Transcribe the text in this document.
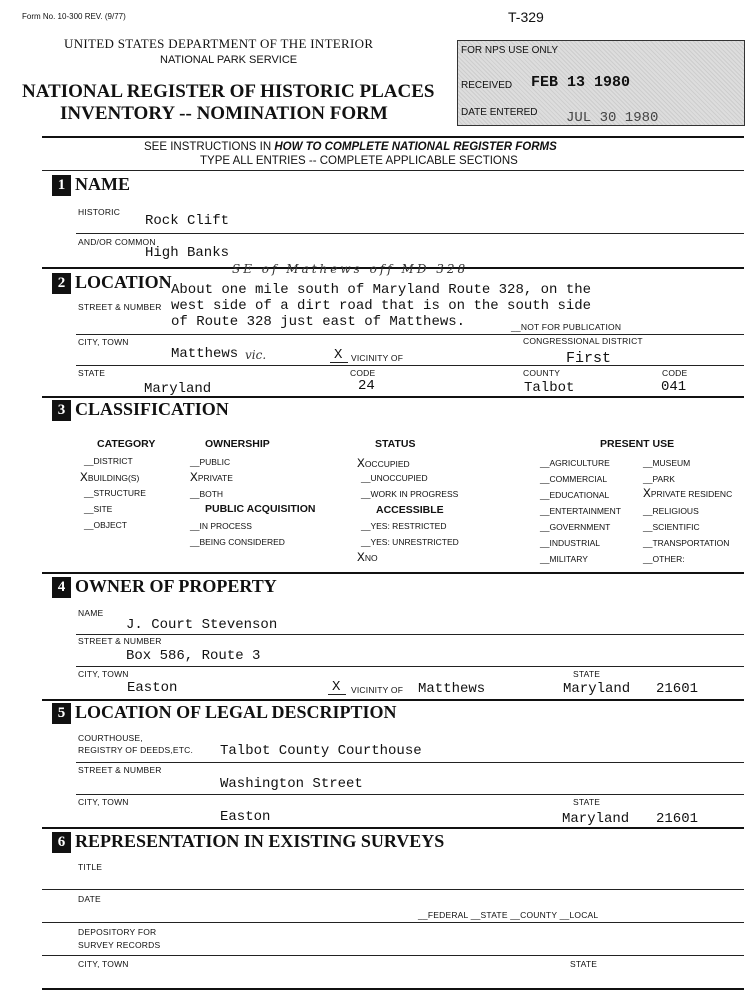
Form No. 10-300 REV. (9/77)	T-329
UNITED STATES DEPARTMENT OF THE INTERIOR
NATIONAL PARK SERVICE
NATIONAL REGISTER OF HISTORIC PLACES
INVENTORY -- NOMINATION FORM
FOR NPS USE ONLY
RECEIVED FEB 13 1980
DATE ENTERED JUL 30 1980
SEE INSTRUCTIONS IN HOW TO COMPLETE NATIONAL REGISTER FORMS
TYPE ALL ENTRIES -- COMPLETE APPLICABLE SECTIONS
1 NAME
HISTORIC
Rock Clift
AND/OR COMMON
High Banks
2 LOCATION
SE of Mathews off MD 328
STREET & NUMBER
About one mile south of Maryland Route 328, on the
west side of a dirt road that is on the south side
of Route 328 just east of Matthews.	__NOT FOR PUBLICATION
CITY, TOWN	CONGRESSIONAL DISTRICT
Matthews vic.	X VICINITY OF	First
STATE	CODE	COUNTY	CODE
Maryland	24	Talbot	041
3 CLASSIFICATION
CATEGORY	OWNERSHIP	STATUS	PRESENT USE
__DISTRICT
XBUILDING(S)
__STRUCTURE
__SITE
__OBJECT
__PUBLIC
XPRIVATE
__BOTH
PUBLIC ACQUISITION
__IN PROCESS
__BEING CONSIDERED
XOCCUPIED
__UNOCCUPIED
__WORK IN PROGRESS
ACCESSIBLE
__YES: RESTRICTED
__YES: UNRESTRICTED
XNO
__AGRICULTURE
__COMMERCIAL
__EDUCATIONAL
__ENTERTAINMENT
__GOVERNMENT
__INDUSTRIAL
__MILITARY
__MUSEUM
__PARK
XPRIVATE RESIDENC
__RELIGIOUS
__SCIENTIFIC
__TRANSPORTATION
__OTHER:
4 OWNER OF PROPERTY
NAME
J. Court Stevenson
STREET & NUMBER
Box 586, Route 3
CITY, TOWN	STATE
Easton	X VICINITY OF Matthews	Maryland 21601
5 LOCATION OF LEGAL DESCRIPTION
COURTHOUSE,
REGISTRY OF DEEDS,ETC. Talbot County Courthouse
STREET & NUMBER
Washington Street
CITY, TOWN	STATE
Easton	Maryland 21601
6 REPRESENTATION IN EXISTING SURVEYS
TITLE
DATE
__FEDERAL __STATE __COUNTY __LOCAL
DEPOSITORY FOR
SURVEY RECORDS
CITY, TOWN	STATE
